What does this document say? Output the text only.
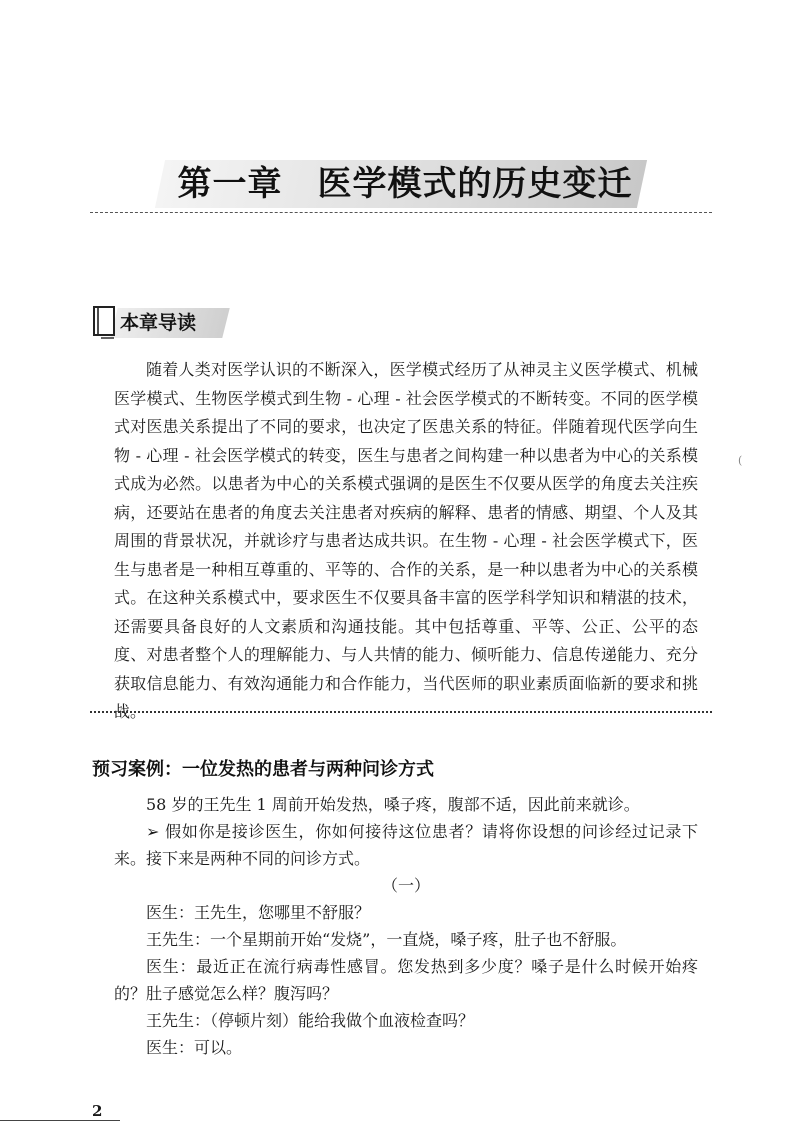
第一章　医学模式的历史变迁
本章导读

随着人类对医学认识的不断深入，医学模式经历了从神灵主义医学模式、机械医学模式、生物医学模式到生物 - 心理 - 社会医学模式的不断转变。不同的医学模式对医患关系提出了不同的要求，也决定了医患关系的特征。伴随着现代医学向生物 - 心理 - 社会医学模式的转变，医生与患者之间构建一种以患者为中心的关系模式成为必然。以患者为中心的关系模式强调的是医生不仅要从医学的角度去关注疾病，还要站在患者的角度去关注患者对疾病的解释、患者的情感、期望、个人及其周围的背景状况，并就诊疗与患者达成共识。在生物 - 心理 - 社会医学模式下，医生与患者是一种相互尊重的、平等的、合作的关系，是一种以患者为中心的关系模式。在这种关系模式中，要求医生不仅要具备丰富的医学科学知识和精湛的技术，还需要具备良好的人文素质和沟通技能。其中包括尊重、平等、公正、公平的态度、对患者整个人的理解能力、与人共情的能力、倾听能力、信息传递能力、充分获取信息能力、有效沟通能力和合作能力，当代医师的职业素质面临新的要求和挑战。

(
预习案例：一位发热的患者与两种问诊方式

58 岁的王先生 1 周前开始发热，嗓子疼，腹部不适，因此前来就诊。

➢ 假如你是接诊医生，你如何接待这位患者？请将你设想的问诊经过记录下来。接下来是两种不同的问诊方式。

（一）

医生：王先生，您哪里不舒服？

王先生：一个星期前开始“发烧”，一直烧，嗓子疼，肚子也不舒服。

医生：最近正在流行病毒性感冒。您发热到多少度？嗓子是什么时候开始疼的？肚子感觉怎么样？腹泻吗？

王先生：（停顿片刻）能给我做个血液检查吗？

医生：可以。

2
